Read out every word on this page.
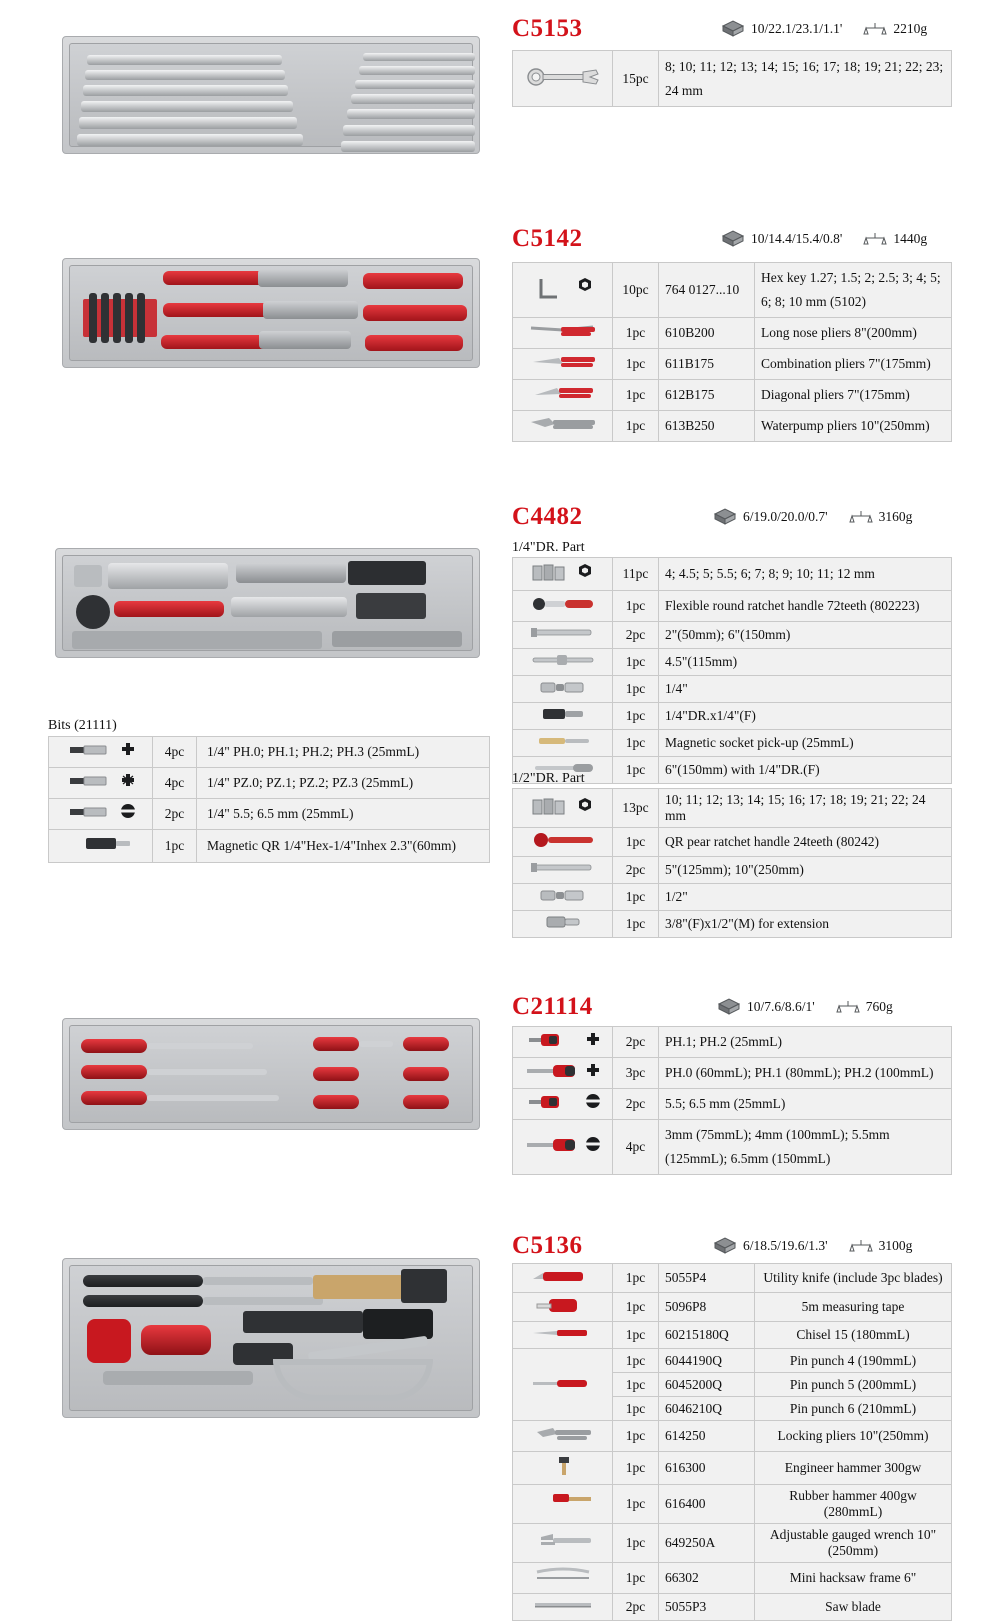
C5153	10/22.1/23.1/1.1'	2210g
	15pc	8; 10; 11; 12; 13; 14; 15; 16; 17; 18; 19; 21; 22; 23; 24 mm
C5142	10/14.4/15.4/0.8'	1440g
	10pc	764 0127...10	Hex key 1.27; 1.5; 2; 2.5; 3; 4; 5; 6; 8; 10 mm (5102)
	1pc	610B200	Long nose pliers 8"(200mm)
	1pc	611B175	Combination pliers 7"(175mm)
	1pc	612B175	Diagonal pliers 7"(175mm)
	1pc	613B250	Waterpump pliers 10"(250mm)
C4482	6/19.0/20.0/0.7'	3160g
1/4"DR. Part
	11pc	4; 4.5; 5; 5.5; 6; 7; 8; 9; 10; 11; 12 mm
	1pc	Flexible round ratchet handle 72teeth (802223)
	2pc	2"(50mm); 6"(150mm)
	1pc	4.5"(115mm)
	1pc	1/4"
	1pc	1/4"DR.x1/4"(F)
	1pc	Magnetic socket pick-up (25mmL)
	1pc	6"(150mm) with 1/4"DR.(F)
1/2"DR. Part
	13pc	10; 11; 12; 13; 14; 15; 16; 17; 18; 19; 21; 22; 24 mm
	1pc	QR pear ratchet handle 24teeth (80242)
	2pc	5"(125mm); 10"(250mm)
	1pc	1/2"
	1pc	3/8"(F)x1/2"(M) for extension
Bits (21111)
	4pc	1/4" PH.0; PH.1; PH.2; PH.3 (25mmL)
	4pc	1/4" PZ.0; PZ.1; PZ.2; PZ.3 (25mmL)
	2pc	1/4" 5.5; 6.5 mm (25mmL)
	1pc	Magnetic QR 1/4"Hex-1/4"Inhex 2.3"(60mm)
C21114	10/7.6/8.6/1'	760g
	2pc	PH.1; PH.2 (25mmL)
	3pc	PH.0 (60mmL); PH.1 (80mmL); PH.2 (100mmL)
	2pc	5.5; 6.5 mm (25mmL)
	4pc	3mm (75mmL); 4mm (100mmL); 5.5mm (125mmL); 6.5mm (150mmL)
C5136	6/18.5/19.6/1.3'	3100g
	1pc	5055P4	Utility knife (include 3pc blades)
	1pc	5096P8	5m measuring tape
	1pc	60215180Q	Chisel 15 (180mmL)
	1pc	6044190Q	Pin punch 4 (190mmL)
	1pc	6045200Q	Pin punch 5 (200mmL)
	1pc	6046210Q	Pin punch 6 (210mmL)
	1pc	614250	Locking pliers 10"(250mm)
	1pc	616300	Engineer hammer 300gw
	1pc	616400	Rubber hammer 400gw (280mmL)
	1pc	649250A	Adjustable gauged wrench 10"(250mm)
	1pc	66302	Mini hacksaw frame 6"
	2pc	5055P3	Saw blade
